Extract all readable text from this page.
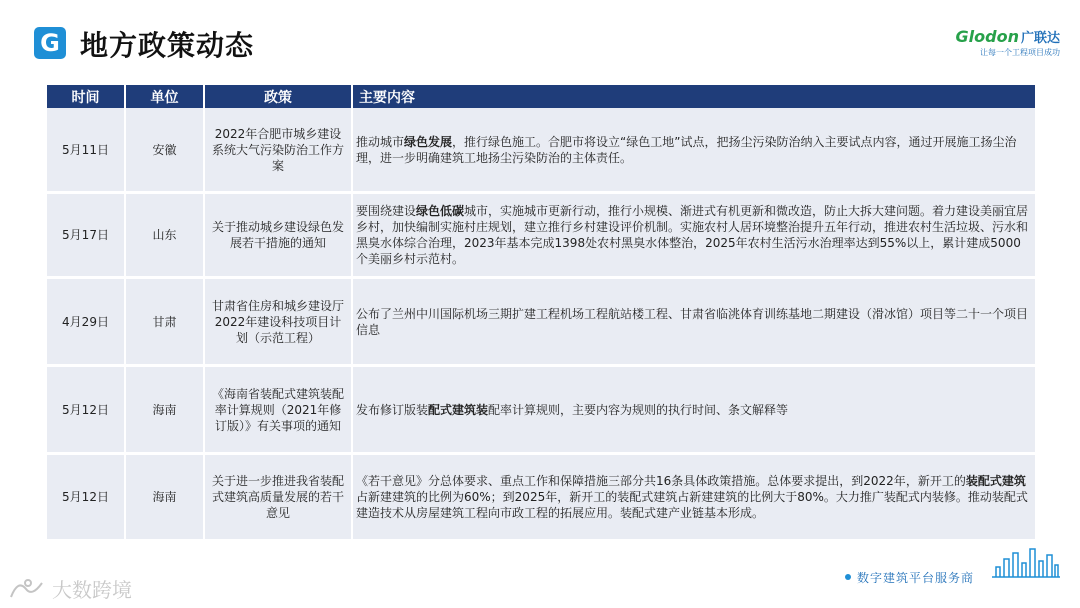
G 地方政策动态	Glodon 广联达
让每一个工程项目成功
时间	单位	政策	主要内容
5月11日	安徽	2022年合肥市城乡建设系统大气污染防治工作方案	推动城市绿色发展，推行绿色施工。合肥市将设立“绿色工地”试点，把扬尘污染防治纳入主要试点内容，通过开展施工扬尘治理，进一步明确建筑工地扬尘污染防治的主体责任。
5月17日	山东	关于推动城乡建设绿色发展若干措施的通知	要围绕建设绿色低碳城市，实施城市更新行动，推行小规模、渐进式有机更新和微改造，防止大拆大建问题。着力建设美丽宜居乡村，加快编制实施村庄规划，建立推行乡村建设评价机制。实施农村人居环境整治提升五年行动，推进农村生活垃圾、污水和黑臭水体综合治理，2023年基本完成1398处农村黑臭水体整治，2025年农村生活污水治理率达到55%以上，累计建成5000个美丽乡村示范村。
4月29日	甘肃	甘肃省住房和城乡建设厅2022年建设科技项目计划（示范工程）	公布了兰州中川国际机场三期扩建工程机场工程航站楼工程、甘肃省临洮体育训练基地二期建设（滑冰馆）项目等二十一个项目信息
5月12日	海南	《海南省装配式建筑装配率计算规则（2021年修订版）》有关事项的通知	发布修订版装配式建筑装配率计算规则，主要内容为规则的执行时间、条文解释等
5月12日	海南	关于进一步推进我省装配式建筑高质量发展的若干意见	《若干意见》分总体要求、重点工作和保障措施三部分共16条具体政策措施。总体要求提出，到2022年，新开工的装配式建筑占新建建筑的比例为60%；到2025年，新开工的装配式建筑占新建建筑的比例大于80%。大力推广装配式内装修。推动装配式建造技术从房屋建筑工程向市政工程的拓展应用。装配式建产业链基本形成。
数字建筑平台服务商
大数跨境
